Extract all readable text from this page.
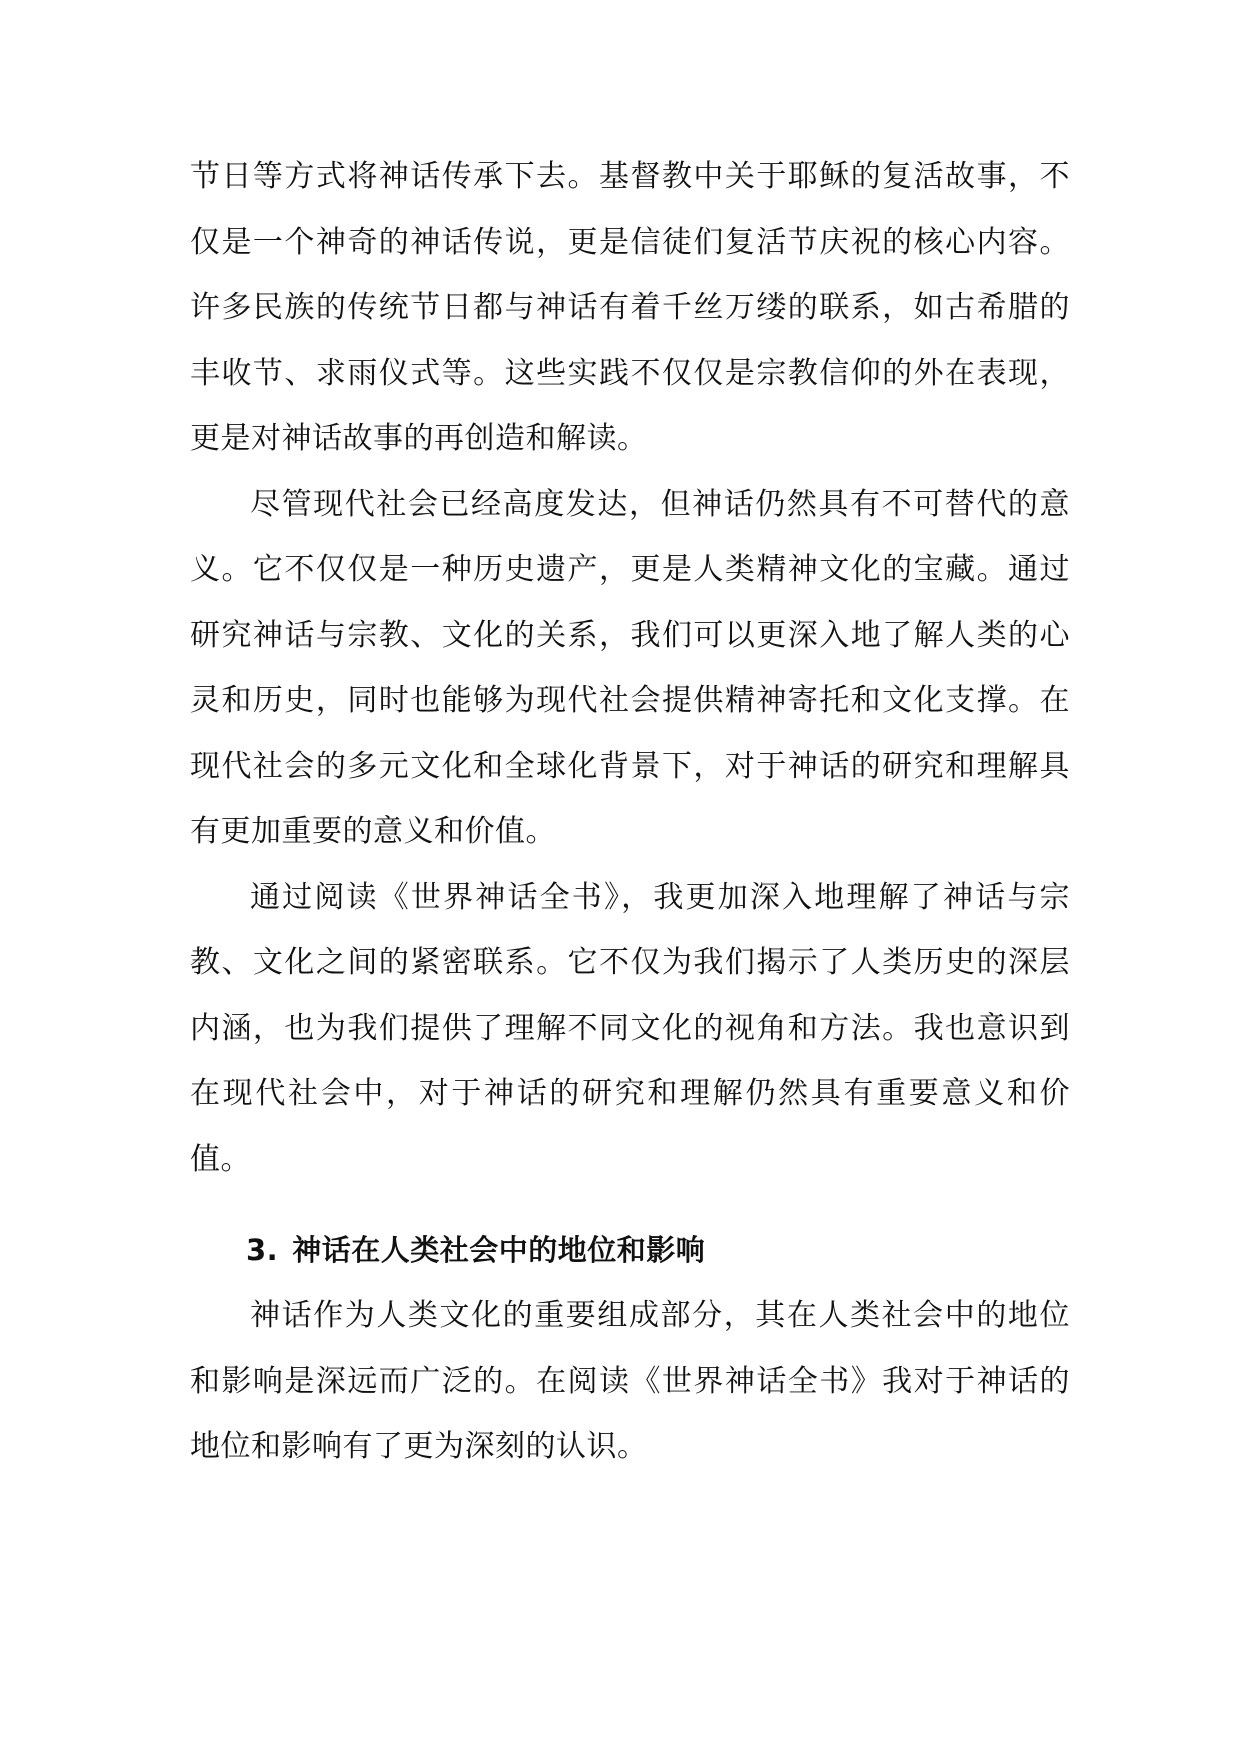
节日等方式将神话传承下去。基督教中关于耶稣的复活故事，不仅是一个神奇的神话传说，更是信徒们复活节庆祝的核心内容。许多民族的传统节日都与神话有着千丝万缕的联系，如古希腊的丰收节、求雨仪式等。这些实践不仅仅是宗教信仰的外在表现，更是对神话故事的再创造和解读。

尽管现代社会已经高度发达，但神话仍然具有不可替代的意义。它不仅仅是一种历史遗产，更是人类精神文化的宝藏。通过研究神话与宗教、文化的关系，我们可以更深入地了解人类的心灵和历史，同时也能够为现代社会提供精神寄托和文化支撑。在现代社会的多元文化和全球化背景下，对于神话的研究和理解具有更加重要的意义和价值。

通过阅读《世界神话全书》，我更加深入地理解了神话与宗教、文化之间的紧密联系。它不仅为我们揭示了人类历史的深层内涵，也为我们提供了理解不同文化的视角和方法。我也意识到在现代社会中，对于神话的研究和理解仍然具有重要意义和价值。

3. 神话在人类社会中的地位和影响

神话作为人类文化的重要组成部分，其在人类社会中的地位和影响是深远而广泛的。在阅读《世界神话全书》我对于神话的地位和影响有了更为深刻的认识。
